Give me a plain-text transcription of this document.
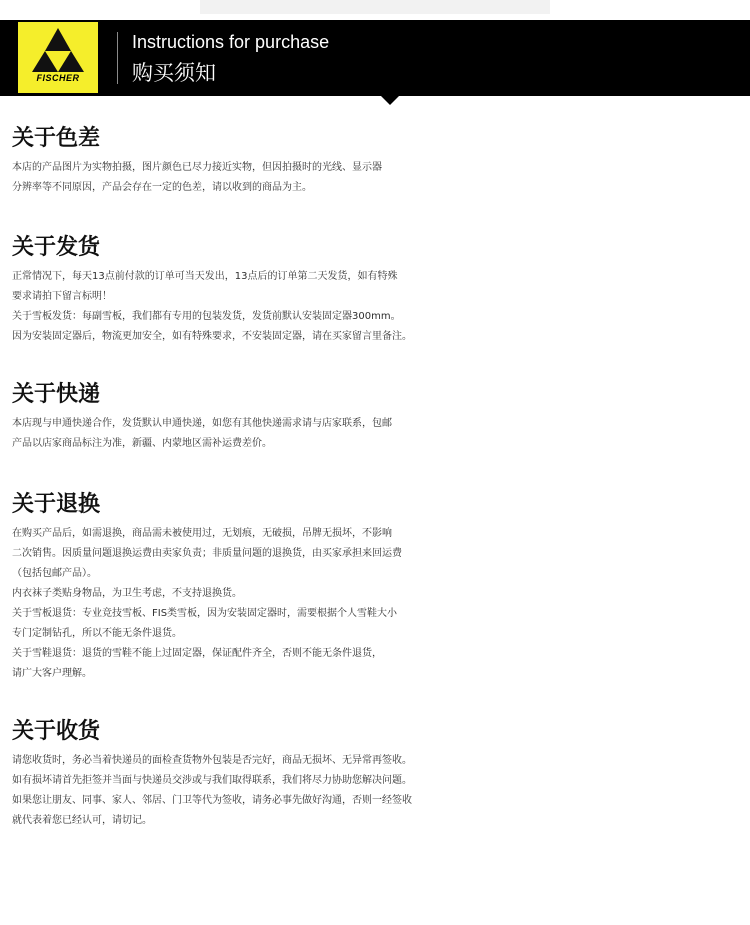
FISCHER
Instructions for purchase
购买须知
关于色差
本店的产品图片为实物拍摄，图片颜色已尽力接近实物，但因拍摄时的光线、显示器
分辨率等不同原因，产品会存在一定的色差，请以收到的商品为主。
关于发货
正常情况下，每天13点前付款的订单可当天发出，13点后的订单第二天发货，如有特殊
要求请拍下留言标明！
关于雪板发货：每副雪板，我们都有专用的包装发货，发货前默认安装固定器300mm。
因为安装固定器后，物流更加安全，如有特殊要求，不安装固定器，请在买家留言里备注。
关于快递
本店现与申通快递合作，发货默认申通快递，如您有其他快递需求请与店家联系，包邮
产品以店家商品标注为准，新疆、内蒙地区需补运费差价。
关于退换
在购买产品后，如需退换，商品需未被使用过，无划痕，无破损，吊牌无损坏，不影响
二次销售。因质量问题退换运费由卖家负责；非质量问题的退换货，由买家承担来回运费
（包括包邮产品）。
内衣袜子类贴身物品，为卫生考虑，不支持退换货。
关于雪板退货：专业竞技雪板、FIS类雪板，因为安装固定器时，需要根据个人雪鞋大小
专门定制钻孔，所以不能无条件退货。
关于雪鞋退货：退货的雪鞋不能上过固定器，保证配件齐全，否则不能无条件退货，
请广大客户理解。
关于收货
请您收货时，务必当着快递员的面检查货物外包装是否完好，商品无损坏、无异常再签收。
如有损坏请首先拒签并当面与快递员交涉或与我们取得联系，我们将尽力协助您解决问题。
如果您让朋友、同事、家人、邻居、门卫等代为签收，请务必事先做好沟通，否则一经签收
就代表着您已经认可，请切记。
